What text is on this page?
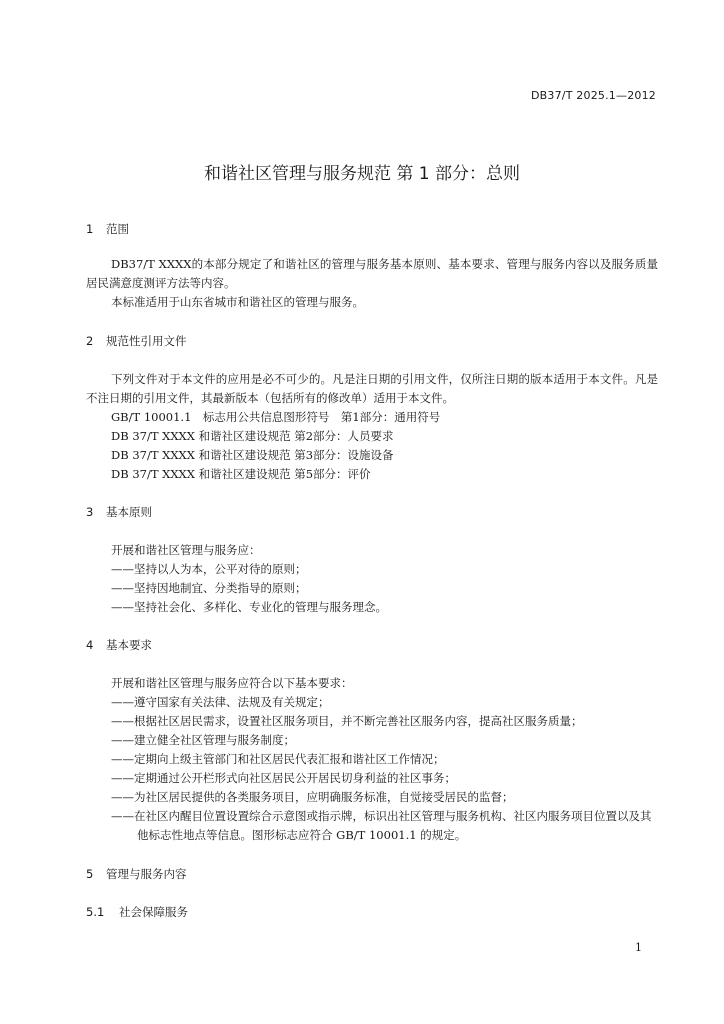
DB37/T 2025.1—2012
和谐社区管理与服务规范 第 1 部分：总则
1 范围
DB37/T XXXX的本部分规定了和谐社区的管理与服务基本原则、基本要求、管理与服务内容以及服务质量居民满意度测评方法等内容。
本标准适用于山东省城市和谐社区的管理与服务。
2 规范性引用文件
下列文件对于本文件的应用是必不可少的。凡是注日期的引用文件，仅所注日期的版本适用于本文件。凡是不注日期的引用文件，其最新版本（包括所有的修改单）适用于本文件。
GB/T 10001.1　标志用公共信息图形符号　第1部分：通用符号
DB 37/T XXXX 和谐社区建设规范 第2部分：人员要求
DB 37/T XXXX 和谐社区建设规范 第3部分：设施设备
DB 37/T XXXX 和谐社区建设规范 第5部分：评价
3 基本原则
开展和谐社区管理与服务应：
——坚持以人为本，公平对待的原则；
——坚持因地制宜、分类指导的原则；
——坚持社会化、多样化、专业化的管理与服务理念。
4 基本要求
开展和谐社区管理与服务应符合以下基本要求：
——遵守国家有关法律、法规及有关规定；
——根据社区居民需求，设置社区服务项目，并不断完善社区服务内容，提高社区服务质量；
——建立健全社区管理与服务制度；
——定期向上级主管部门和社区居民代表汇报和谐社区工作情况；
——定期通过公开栏形式向社区居民公开居民切身利益的社区事务；
——为社区居民提供的各类服务项目，应明确服务标准，自觉接受居民的监督；
——在社区内醒目位置设置综合示意图或指示牌，标识出社区管理与服务机构、社区内服务项目位置以及其他标志性地点等信息。图形标志应符合 GB/T 10001.1 的规定。
5 管理与服务内容
5.1 社会保障服务
1
